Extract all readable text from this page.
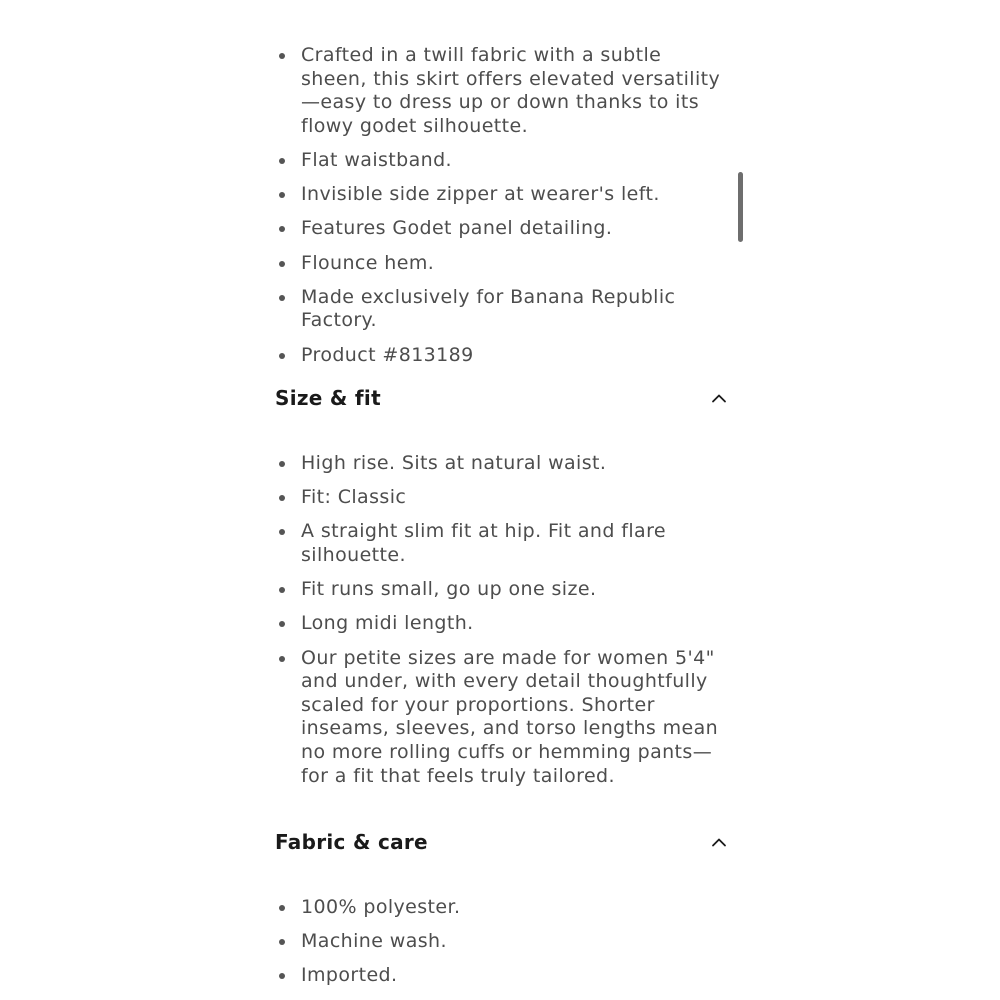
Crafted in a twill fabric with a subtle sheen, this skirt offers elevated versatility—easy to dress up or down thanks to its flowy godet silhouette.
Flat waistband.
Invisible side zipper at wearer's left.
Features Godet panel detailing.
Flounce hem.
Made exclusively for Banana Republic Factory.
Product #813189
Size & fit
High rise. Sits at natural waist.
Fit: Classic
A straight slim fit at hip. Fit and flare silhouette.
Fit runs small, go up one size.
Long midi length.
Our petite sizes are made for women 5'4" and under, with every detail thoughtfully scaled for your proportions. Shorter inseams, sleeves, and torso lengths mean no more rolling cuffs or hemming pants—for a fit that feels truly tailored.
Fabric & care
100% polyester.
Machine wash.
Imported.
